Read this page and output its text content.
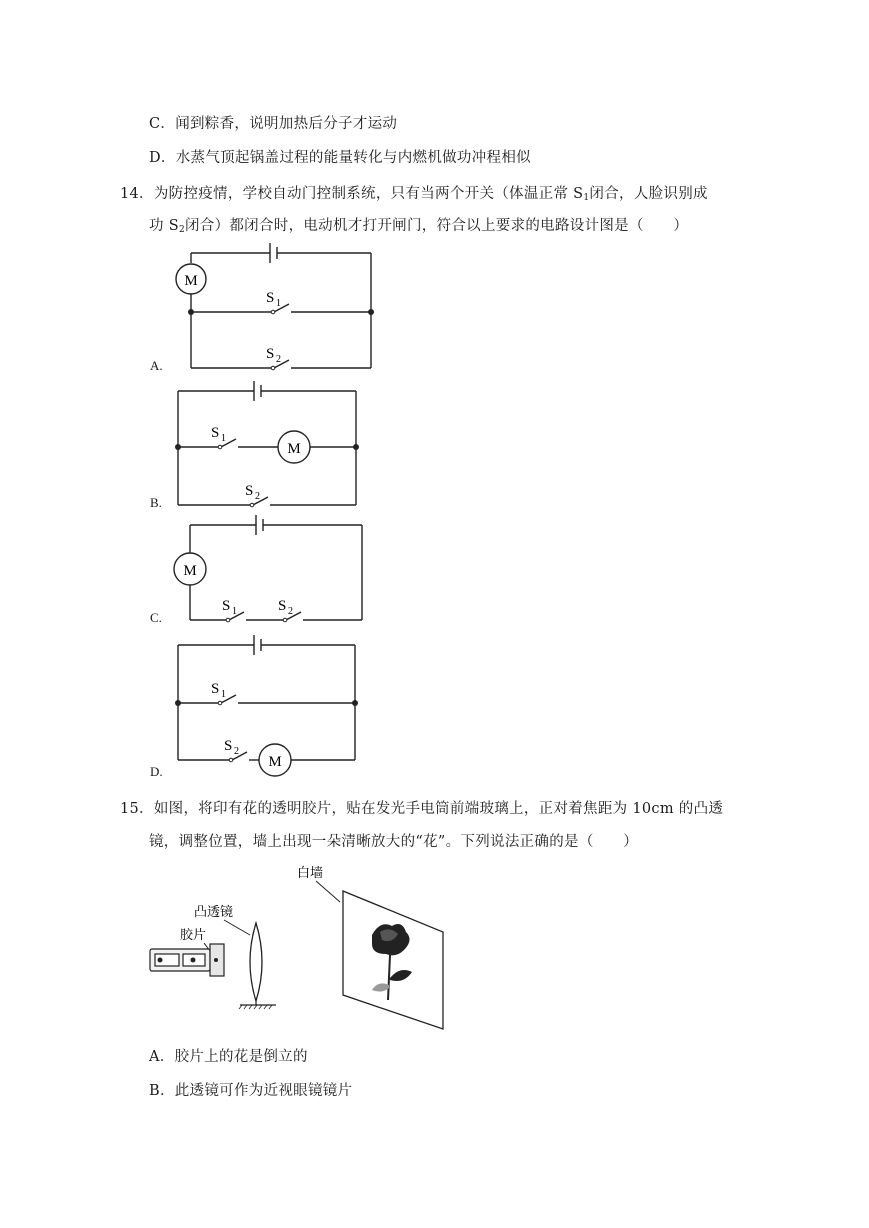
C．闻到粽香，说明加热后分子才运动
D．水蒸气顶起锅盖过程的能量转化与内燃机做功冲程相似
14．为防控疫情，学校自动门控制系统，只有当两个开关（体温正常 $S_1$闭合，人脸识别成
功 $S_2$闭合）都闭合时，电动机才打开闸门，符合以上要求的电路设计图是（　　）
A.
M
S 1
S 2
B.
M
S 1
S 2
C.
M
S 1	S 2
D.
M
S 1
S 2
15．如图，将印有花的透明胶片，贴在发光手电筒前端玻璃上，正对着焦距为 10cm 的凸透
镜，调整位置，墙上出现一朵清晰放大的“花”。下列说法正确的是（　　）
白墙
凸透镜
胶片
A．胶片上的花是倒立的
B．此透镜可作为近视眼镜镜片
